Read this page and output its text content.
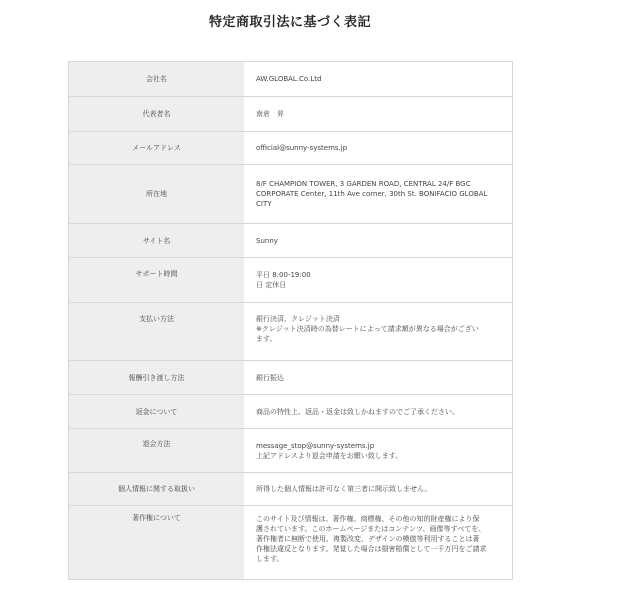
特定商取引法に基づく表記
会社名	AW.GLOBAL.Co.Ltd
代表者名	南倉　昇
メールアドレス	official@sunny-systems.jp
所在地
8/F CHAMPION TOWER, 3 GARDEN ROAD, CENTRAL 24/F BGC
CORPORATE Center, 11th Ave corner, 30th St. BONIFACIO GLOBAL
CITY
サイト名	Sunny
サポート時間	平日 8:00-19:00
日 定休日
支払い方法	銀行決済、クレジット決済
※クレジット決済時の為替レートによって請求額が異なる場合がござい
ます。
報酬引き渡し方法	銀行振込
返金について	商品の特性上、返品・返金は致しかねますのでご了承ください。
退会方法	message_stop@sunny-systems.jp
上記アドレスより退会申請をお願い致します。
個人情報に関する取扱い	所得した個人情報は許可なく第三者に開示致しません。
著作権について	このサイト及び情報は、著作権、商標権、その他の知的財産権により保
護されています。このホームページまたはコンテンツ、画像等すべてを、
著作権者に無断で使用、複製改変、デザインの模倣等利用することは著
作権法違反となります。発覚した場合は損害賠償として一千万円をご請求
します。
